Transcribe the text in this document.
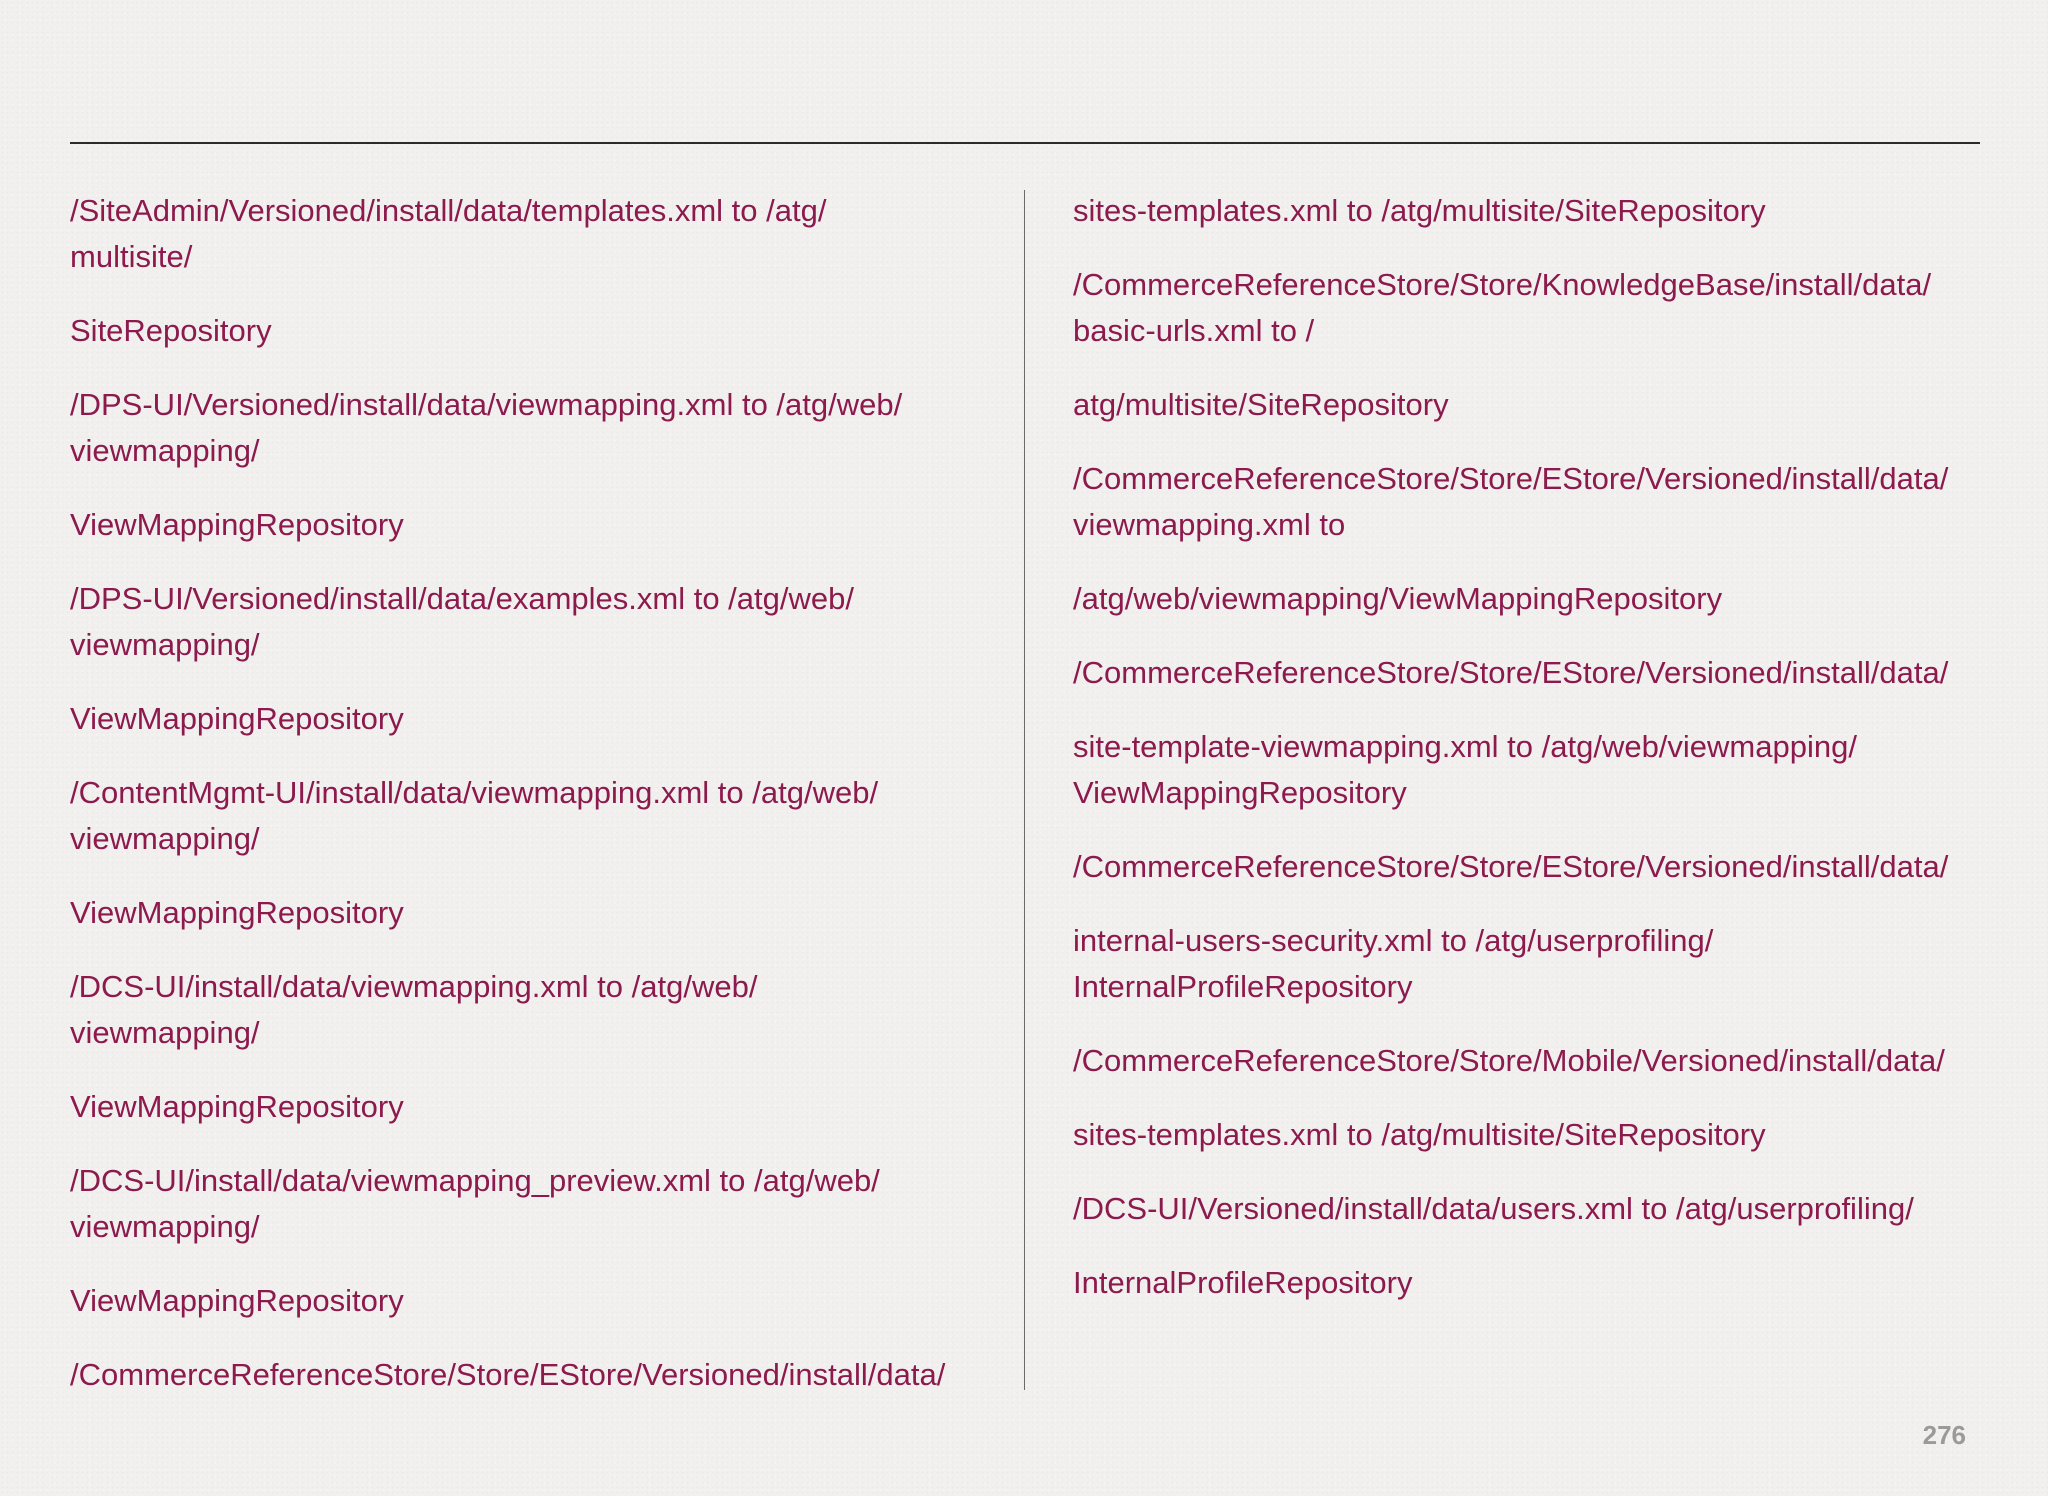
/SiteAdmin/Versioned/install/data/templates.xml to /atg/
multisite/

SiteRepository

/DPS-UI/Versioned/install/data/viewmapping.xml to /atg/web/
viewmapping/

ViewMappingRepository

/DPS-UI/Versioned/install/data/examples.xml to /atg/web/
viewmapping/

ViewMappingRepository

/ContentMgmt-UI/install/data/viewmapping.xml to /atg/web/
viewmapping/

ViewMappingRepository

/DCS-UI/install/data/viewmapping.xml to /atg/web/
viewmapping/

ViewMappingRepository

/DCS-UI/install/data/viewmapping_preview.xml to /atg/web/
viewmapping/

ViewMappingRepository

/CommerceReferenceStore/Store/EStore/Versioned/install/data/

sites-templates.xml to /atg/multisite/SiteRepository

/CommerceReferenceStore/Store/KnowledgeBase/install/data/
basic-urls.xml to /

atg/multisite/SiteRepository

/CommerceReferenceStore/Store/EStore/Versioned/install/data/
viewmapping.xml to

/atg/web/viewmapping/ViewMappingRepository

/CommerceReferenceStore/Store/EStore/Versioned/install/data/

site-template-viewmapping.xml to /atg/web/viewmapping/
ViewMappingRepository

/CommerceReferenceStore/Store/EStore/Versioned/install/data/

internal-users-security.xml to /atg/userprofiling/
InternalProfileRepository

/CommerceReferenceStore/Store/Mobile/Versioned/install/data/

sites-templates.xml to /atg/multisite/SiteRepository

/DCS-UI/Versioned/install/data/users.xml to /atg/userprofiling/

InternalProfileRepository

276
